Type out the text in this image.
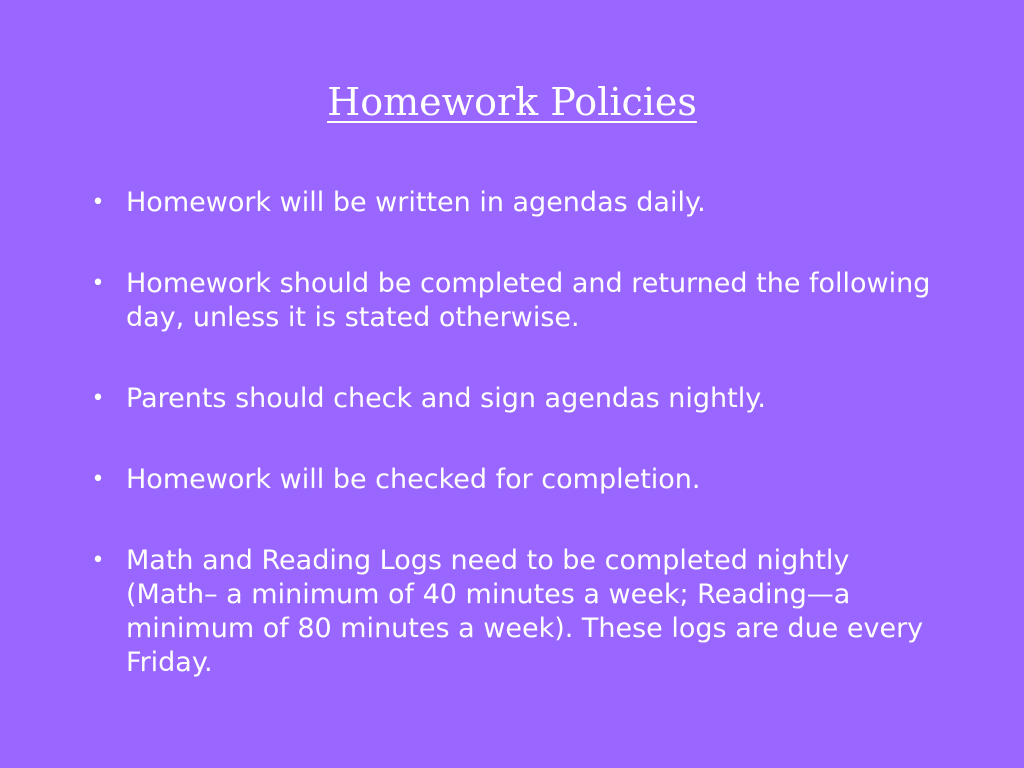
Homework Policies
• Homework will be written in agendas daily.
• Homework should be completed and returned the following day, unless it is stated otherwise.
• Parents should check and sign agendas nightly.
• Homework will be checked for completion.
• Math and Reading Logs need to be completed nightly (Math– a minimum of 40 minutes a week; Reading—a minimum of 80 minutes a week). These logs are due every Friday.
